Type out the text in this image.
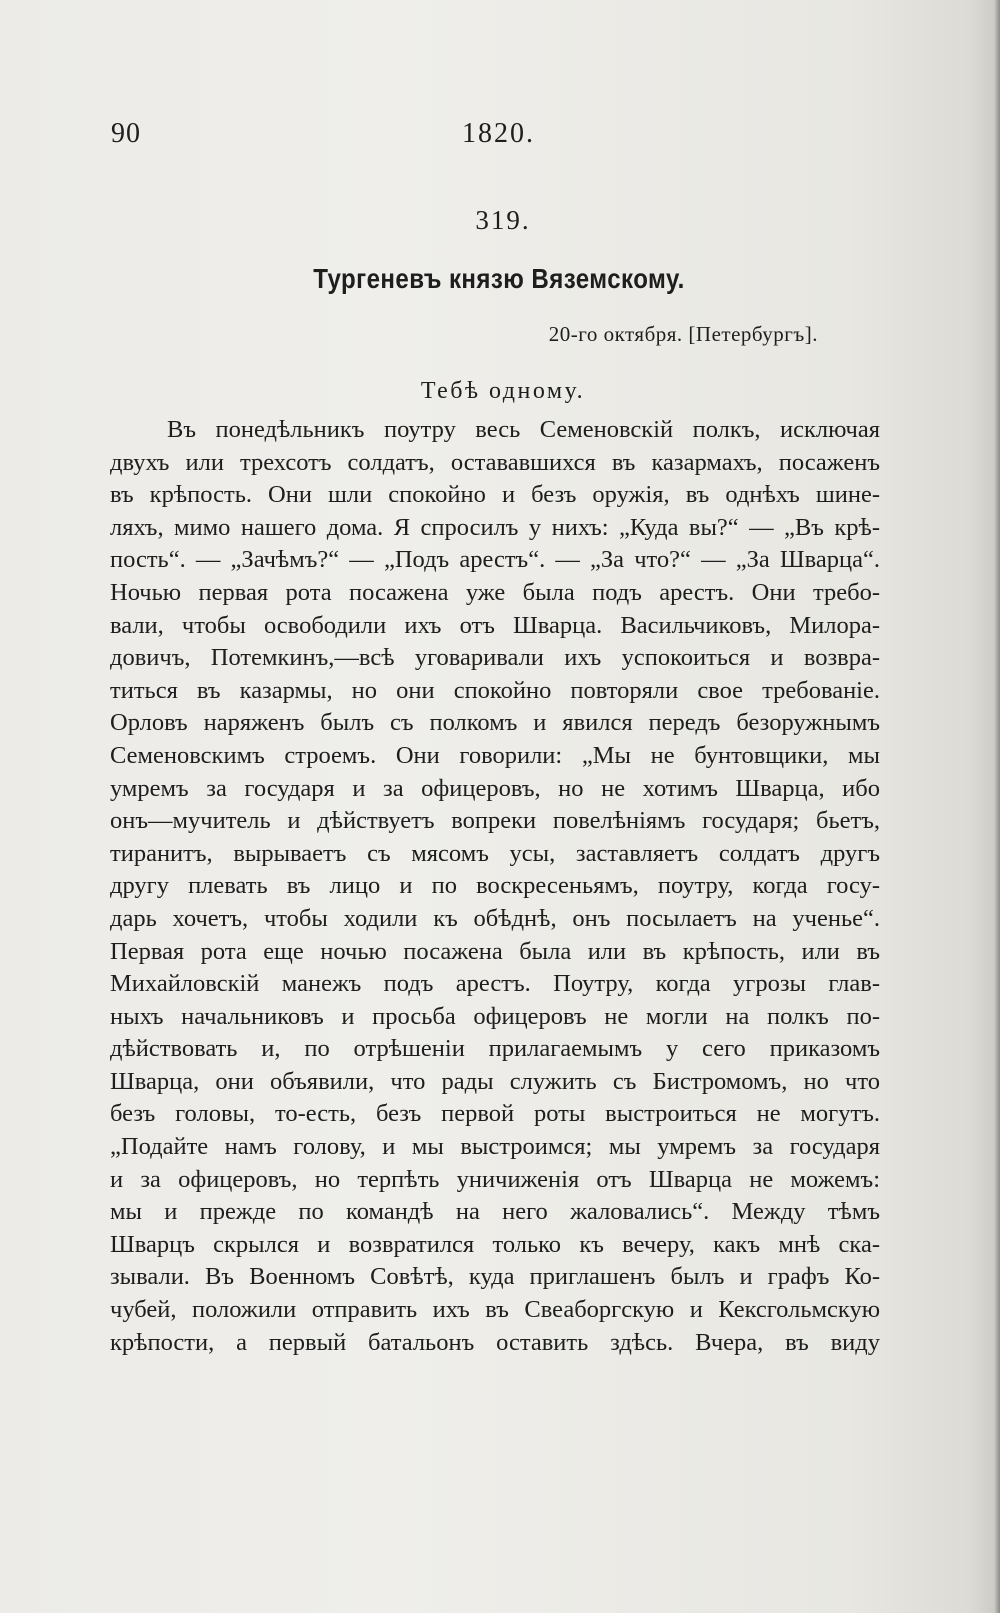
90	1820.
319.
Тургеневъ князю Вяземскому.
20-го октября. [Петербургъ].
Тебѣ одному.
Въ понедѣльникъ поутру весь Семеновскій полкъ, исключая
двухъ или трехсотъ солдатъ, остававшихся въ казармахъ, посаженъ
въ крѣпость. Они шли спокойно и безъ оружія, въ однѣхъ шине-
ляхъ, мимо нашего дома. Я спросилъ у нихъ: „Куда вы?“ — „Въ крѣ-
пость“. — „Зачѣмъ?“ — „Подъ арестъ“. — „За что?“ — „За Шварца“.
Ночью первая рота посажена уже была подъ арестъ. Они требо-
вали, чтобы освободили ихъ отъ Шварца. Васильчиковъ, Милора-
довичъ, Потемкинъ,—всѣ уговаривали ихъ успокоиться и возвра-
титься въ казармы, но они спокойно повторяли свое требованіе.
Орловъ наряженъ былъ съ полкомъ и явился передъ безоружнымъ
Семеновскимъ строемъ. Они говорили: „Мы не бунтовщики, мы
умремъ за государя и за офицеровъ, но не хотимъ Шварца, ибо
онъ—мучитель и дѣйствуетъ вопреки повелѣніямъ государя; бьетъ,
тиранитъ, вырываетъ съ мясомъ усы, заставляетъ солдатъ другъ
другу плевать въ лицо и по воскресеньямъ, поутру, когда госу-
дарь хочетъ, чтобы ходили къ обѣднѣ, онъ посылаетъ на ученье“.
Первая рота еще ночью посажена была или въ крѣпость, или въ
Михайловскій манежъ подъ арестъ. Поутру, когда угрозы глав-
ныхъ начальниковъ и просьба офицеровъ не могли на полкъ по-
дѣйствовать и, по отрѣшеніи прилагаемымъ у сего приказомъ
Шварца, они объявили, что рады служить съ Бистромомъ, но что
безъ головы, то-есть, безъ первой роты выстроиться не могутъ.
„Подайте намъ голову, и мы выстроимся; мы умремъ за государя
и за офицеровъ, но терпѣть уничиженія отъ Шварца не можемъ:
мы и прежде по командѣ на него жаловались“. Между тѣмъ
Шварцъ скрылся и возвратился только къ вечеру, какъ мнѣ ска-
зывали. Въ Военномъ Совѣтѣ, куда приглашенъ былъ и графъ Ко-
чубей, положили отправить ихъ въ Свеаборгскую и Кексгольмскую
крѣпости, а первый батальонъ оставить здѣсь. Вчера, въ виду
